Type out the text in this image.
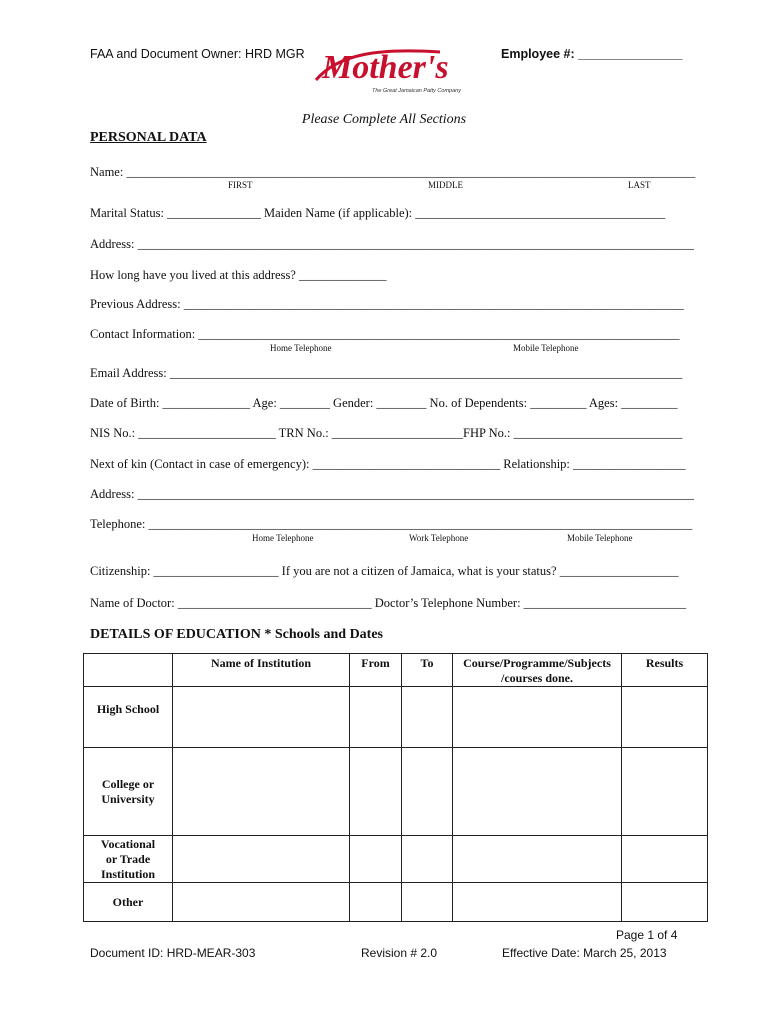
FAA and Document Owner: HRD MGR Mother's
The Great Jamaican Patty Company
Employee #: _______________
Please Complete All Sections
PERSONAL DATA
Name: ___________________________________________________________________________________________
FIRST	MIDDLE	LAST
Marital Status: _______________ Maiden Name (if applicable): ________________________________________
Address: _________________________________________________________________________________________
How long have you lived at this address? ______________
Previous Address: ________________________________________________________________________________
Contact Information: _____________________________________________________________________________
Home Telephone	Mobile Telephone
Email Address: __________________________________________________________________________________
Date of Birth: ______________ Age: ________ Gender: ________ No. of Dependents: _________ Ages: _________
NIS No.: ______________________ TRN No.: _____________________FHP No.: ___________________________
Next of kin (Contact in case of emergency): ______________________________ Relationship: __________________
Address: _________________________________________________________________________________________
Telephone: _______________________________________________________________________________________
Home Telephone	Work Telephone	Mobile Telephone
Citizenship: ____________________ If you are not a citizen of Jamaica, what is your status? ___________________
Name of Doctor: _______________________________ Doctor’s Telephone Number: __________________________
DETAILS OF EDUCATION * Schools and Dates
	Name of Institution	From	To	Course/Programme/Subjects /courses done.	Results
High School					
College or University					
Vocational or Trade Institution					
Other					
Page 1 of 4
Document ID: HRD-MEAR-303	Revision # 2.0	Effective Date: March 25, 2013
